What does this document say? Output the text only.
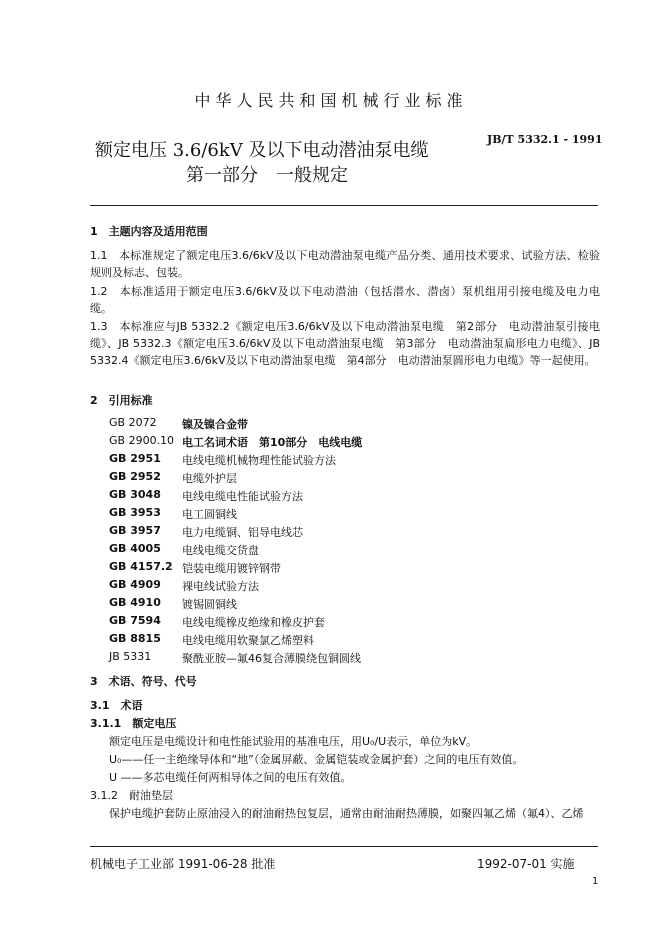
中华人民共和国机械行业标准
额定电压 3.6/6kV 及以下电动潜油泵电缆
第一部分　一般规定
JB/T 5332.1 - 1991
1　主题内容及适用范围
1.1　本标准规定了额定电压3.6/6kV及以下电动潜油泵电缆产品分类、通用技术要求、试验方法、检验规则及标志、包装。
1.2　本标准适用于额定电压3.6/6kV及以下电动潜油（包括潜水、潜卤）泵机组用引接电缆及电力电缆。
1.3　本标准应与JB 5332.2《额定电压3.6/6kV及以下电动潜油泵电缆　第2部分　电动潜油泵引接电缆》、JB 5332.3《额定电压3.6/6kV及以下电动潜油泵电缆　第3部分　电动潜油泵扁形电力电缆》、JB 5332.4《额定电压3.6/6kV及以下电动潜油泵电缆　第4部分　电动潜油泵圆形电力电缆》等一起使用。
2　引用标准
GB 2072 镍及镍合金带
GB 2900.10 电工名词术语　第10部分　电线电缆
GB 2951 电线电缆机械物理性能试验方法
GB 2952 电缆外护层
GB 3048 电线电缆电性能试验方法
GB 3953 电工圆铜线
GB 3957 电力电缆铜、铝导电线芯
GB 4005 电线电缆交货盘
GB 4157.2 铠装电缆用镀锌钢带
GB 4909 裸电线试验方法
GB 4910 镀锡圆铜线
GB 7594 电线电缆橡皮绝缘和橡皮护套
GB 8815 电线电缆用软聚氯乙烯塑料
JB 5331	聚酰亚胺—氟46复合薄膜绕包铜圆线
3　术语、符号、代号
3.1　术语
3.1.1　额定电压
额定电压是电缆设计和电性能试验用的基准电压，用U₀/U表示，单位为kV。
U₀——任一主绝缘导体和“地”（金属屏蔽、金属铠装或金属护套）之间的电压有效值。
U ——多芯电缆任何两相导体之间的电压有效值。
3.1.2　耐油垫层
保护电缆护套防止原油浸入的耐油耐热包复层，通常由耐油耐热薄膜，如聚四氟乙烯（氟4）、乙烯
机械电子工业部 1991-06-28 批准	1992-07-01 实施
1
